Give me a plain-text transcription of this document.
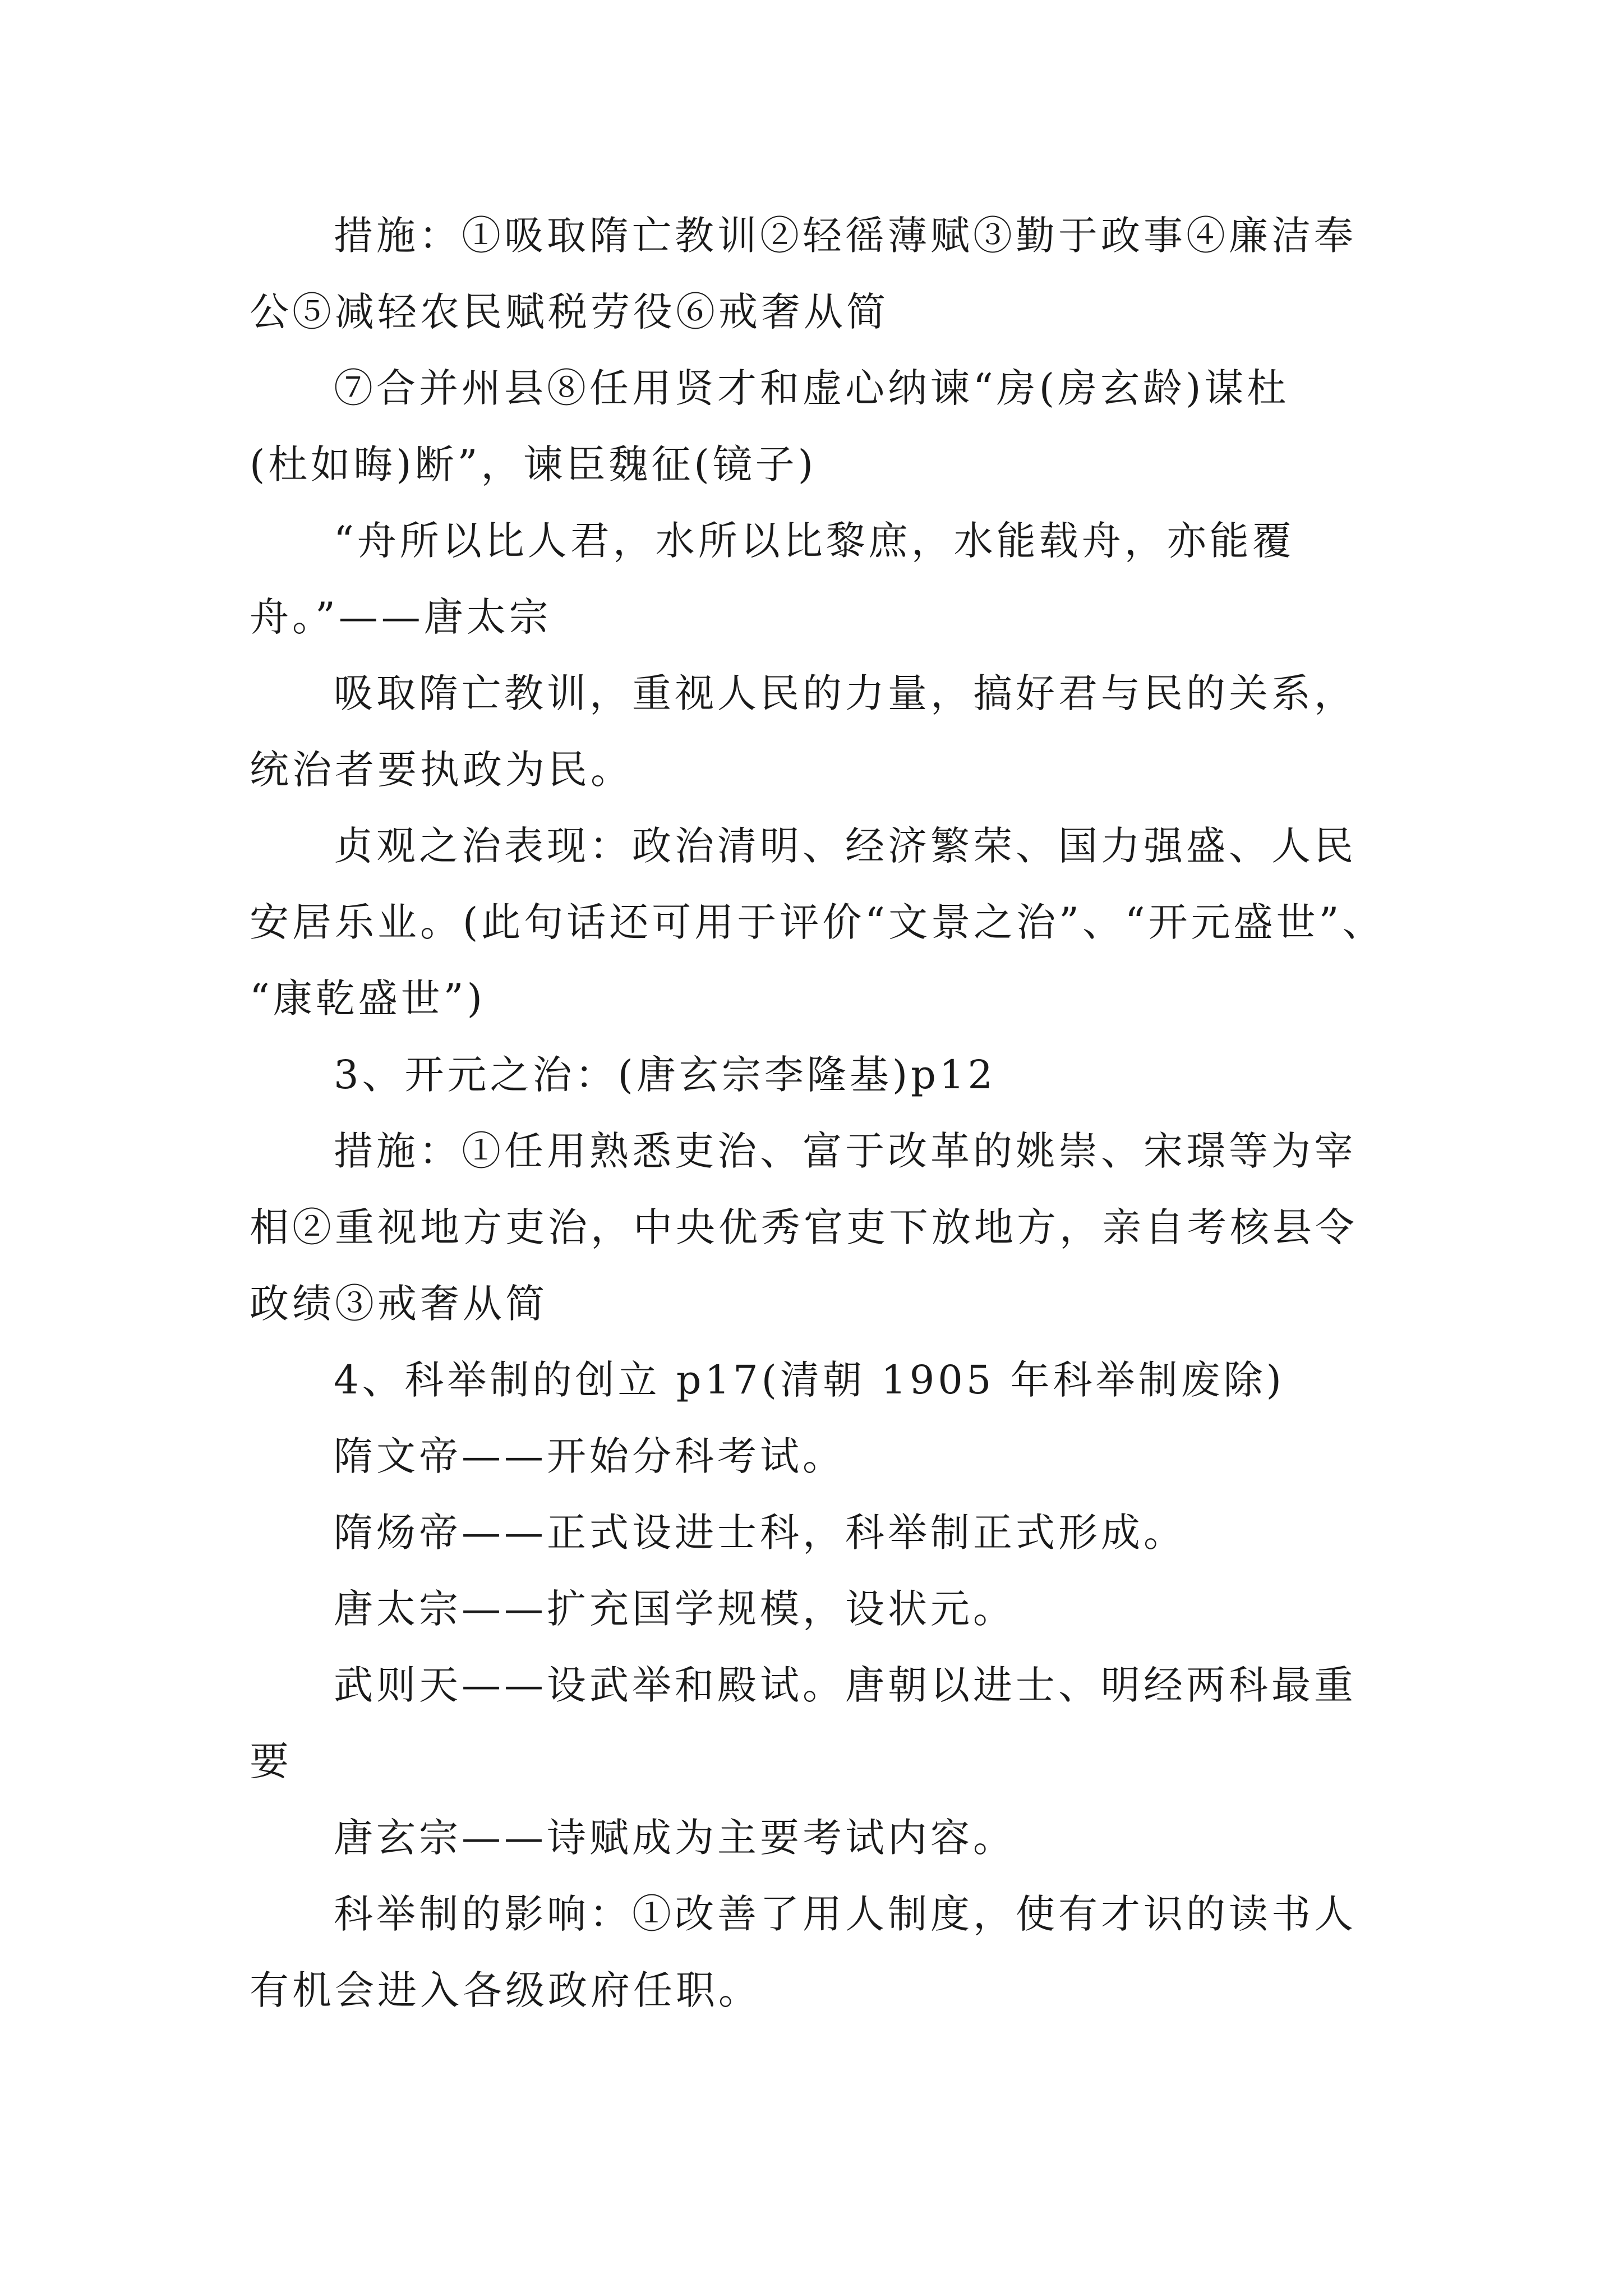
措施：①吸取隋亡教训②轻徭薄赋③勤于政事④廉洁奉
公⑤减轻农民赋税劳役⑥戒奢从简
⑦合并州县⑧任用贤才和虚心纳谏“房(房玄龄)谋杜
(杜如晦)断”，谏臣魏征(镜子)
“舟所以比人君，水所以比黎庶，水能载舟，亦能覆
舟。”——唐太宗
吸取隋亡教训，重视人民的力量，搞好君与民的关系，
统治者要执政为民。
贞观之治表现：政治清明、经济繁荣、国力强盛、人民
安居乐业。(此句话还可用于评价“文景之治”、“开元盛世”、
“康乾盛世”)
3、开元之治：(唐玄宗李隆基)p12
措施：①任用熟悉吏治、富于改革的姚崇、宋璟等为宰
相②重视地方吏治，中央优秀官吏下放地方，亲自考核县令
政绩③戒奢从简
4、科举制的创立 p17(清朝 1905 年科举制废除)
隋文帝——开始分科考试。
隋炀帝——正式设进士科，科举制正式形成。
唐太宗——扩充国学规模，设状元。
武则天——设武举和殿试。唐朝以进士、明经两科最重
要
唐玄宗——诗赋成为主要考试内容。
科举制的影响：①改善了用人制度，使有才识的读书人
有机会进入各级政府任职。
